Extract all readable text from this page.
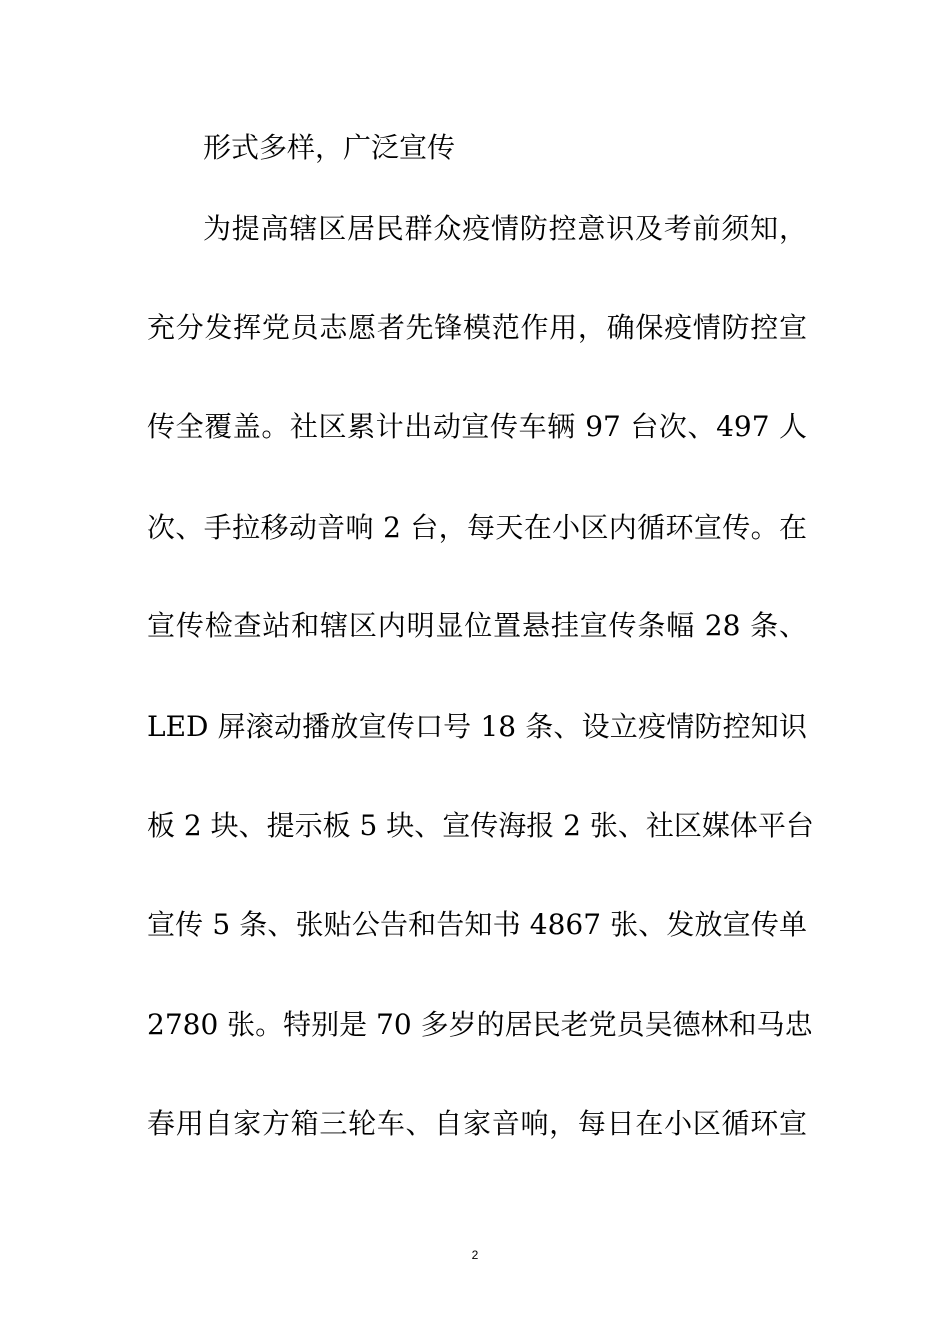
形式多样，广泛宣传
为提高辖区居民群众疫情防控意识及考前须知，
充分发挥党员志愿者先锋模范作用，确保疫情防控宣
传全覆盖。社区累计出动宣传车辆 97 台次、497 人
次、手拉移动音响 2 台，每天在小区内循环宣传。在
宣传检查站和辖区内明显位置悬挂宣传条幅 28 条、
LED 屏滚动播放宣传口号 18 条、设立疫情防控知识
板 2 块、提示板 5 块、宣传海报 2 张、社区媒体平台
宣传 5 条、张贴公告和告知书 4867 张、发放宣传单
2780 张。特别是 70 多岁的居民老党员吴德林和马忠
春用自家方箱三轮车、自家音响，每日在小区循环宣
2
